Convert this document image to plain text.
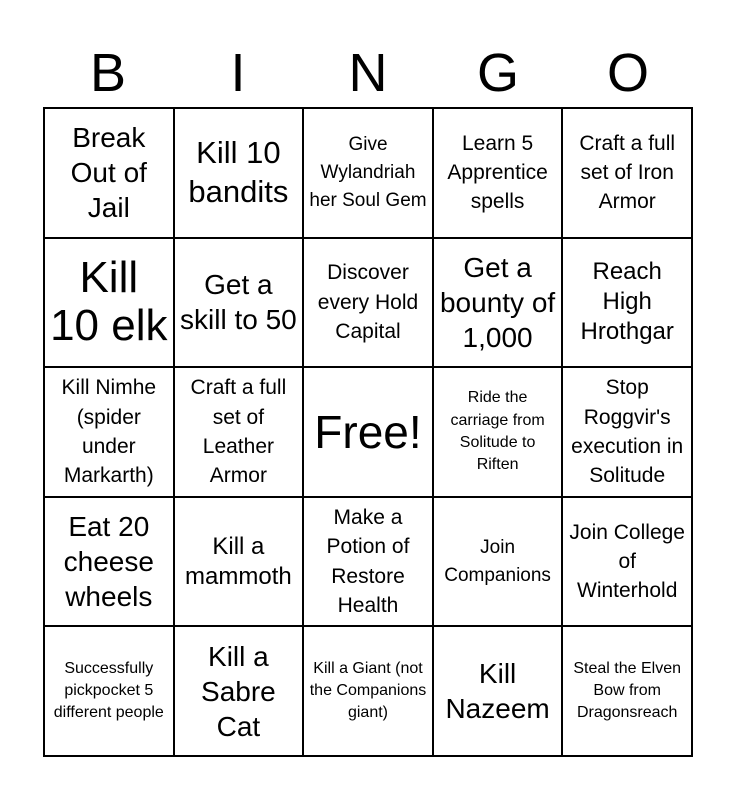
B	I	N	G	O
Break Out of Jail
Kill 10 bandits
Give Wylandriah her Soul Gem
Learn 5 Apprentice spells
Craft a full set of Iron Armor
Kill 10 elk
Get a skill to 50
Discover every Hold Capital
Get a bounty of 1,000
Reach High Hrothgar
Kill Nimhe (spider under Markarth)
Craft a full set of Leather Armor
Free!
Ride the carriage from Solitude to Riften
Stop Roggvir's execution in Solitude
Eat 20 cheese wheels
Kill a mammoth
Make a Potion of Restore Health
Join Companions
Join College of Winterhold
Successfully pickpocket 5 different people
Kill a Sabre Cat
Kill a Giant (not the Companions giant)
Kill Nazeem
Steal the Elven Bow from Dragonsreach
